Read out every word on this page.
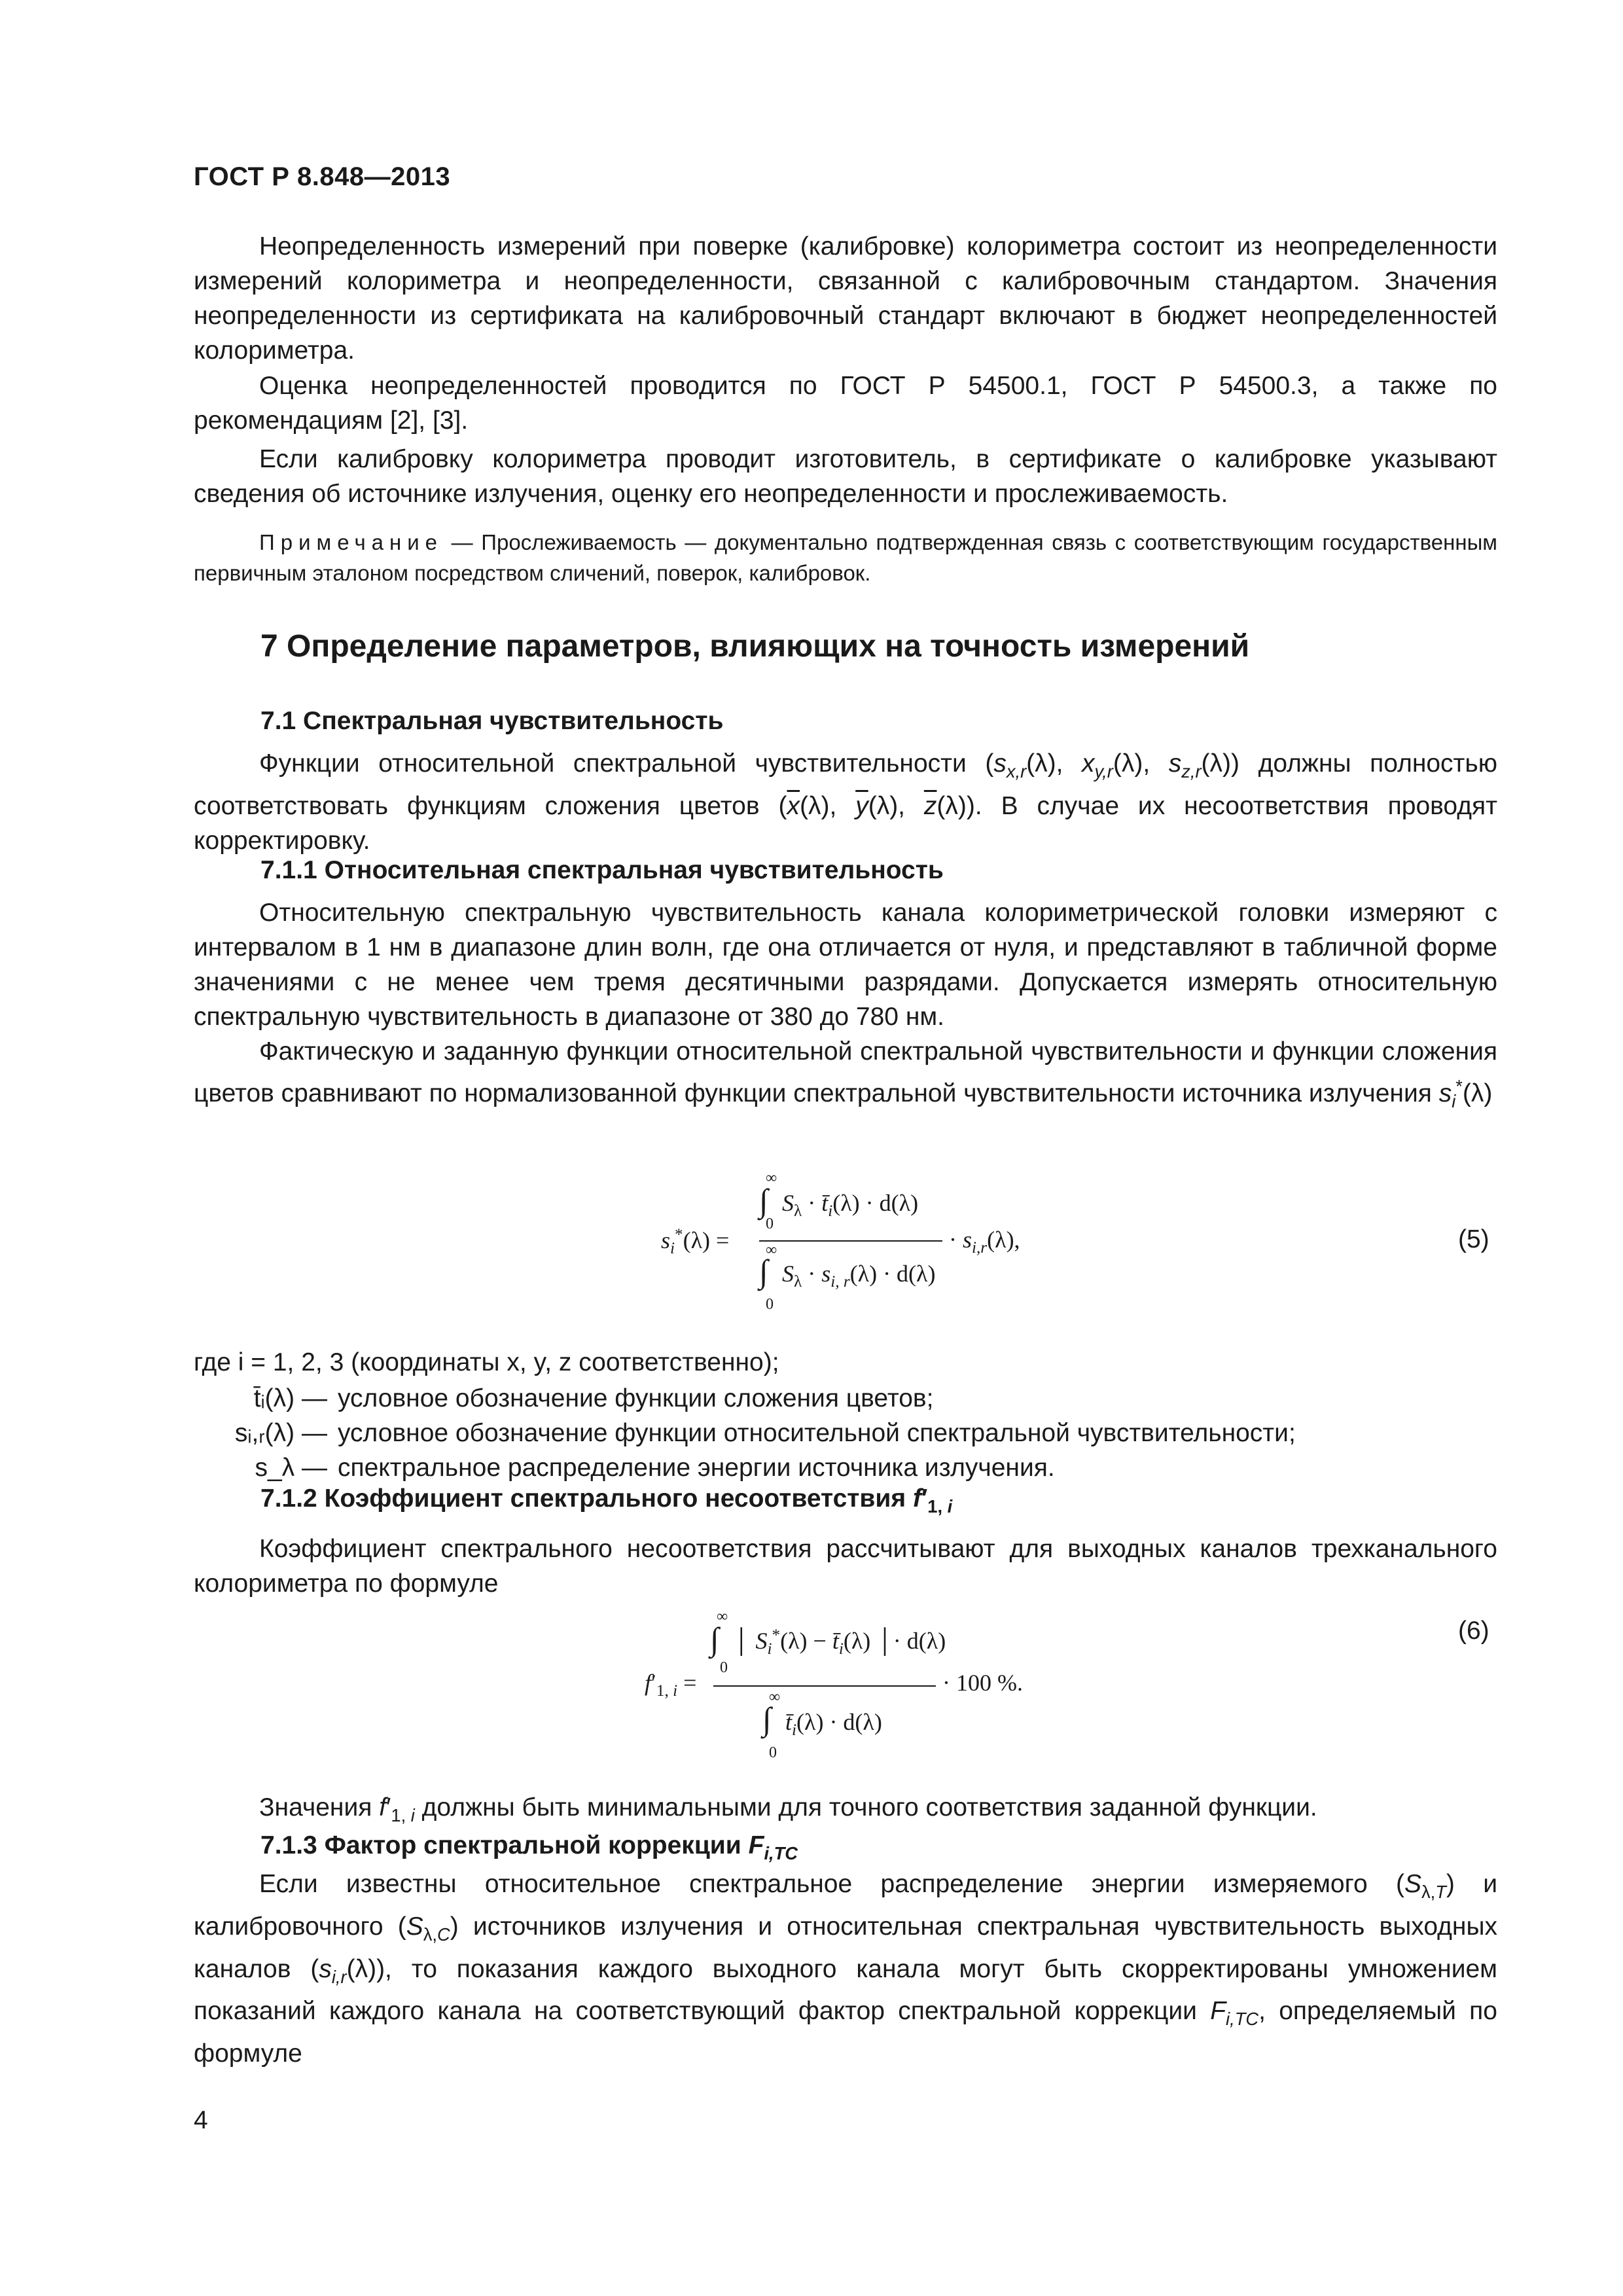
ГОСТ Р 8.848—2013
Неопределенность измерений при поверке (калибровке) колориметра состоит из неопределенности измерений колориметра и неопределенности, связанной с калибровочным стандартом. Значения неопределенности из сертификата на калибровочный стандарт включают в бюджет неопределенностей колориметра.
Оценка неопределенностей проводится по ГОСТ Р 54500.1, ГОСТ Р 54500.3, а также по рекомендациям [2], [3].
Если калибровку колориметра проводит изготовитель, в сертификате о калибровке указывают сведения об источнике излучения, оценку его неопределенности и прослеживаемость.
Примечание — Прослеживаемость — документально подтвержденная связь с соответствующим государственным первичным эталоном посредством сличений, поверок, калибровок.
7 Определение параметров, влияющих на точность измерений
7.1 Спектральная чувствительность
Функции относительной спектральной чувствительности ($s_{x,r}(\lambda)$, $x_{y,r}(\lambda)$, $s_{z,r}(\lambda)$) должны полностью соответствовать функциям сложения цветов ($\overline{x}(\lambda)$, $\overline{y}(\lambda)$, $\overline{z}(\lambda)$). В случае их несоответствия проводят корректировку.
7.1.1 Относительная спектральная чувствительность
Относительную спектральную чувствительность канала колориметрической головки измеряют с интервалом в 1 нм в диапазоне длин волн, где она отличается от нуля, и представляют в табличной форме значениями с не менее чем тремя десятичными разрядами. Допускается измерять относительную спектральную чувствительность в диапазоне от 380 до 780 нм.
Фактическую и заданную функции относительной спектральной чувствительности и функции сложения цветов сравнивают по нормализованной функции спектральной чувствительности источника излучения $s_i^*(\lambda)$
∞
∫ $S_\lambda$ · $t̄_i(\lambda) \cdot d(\lambda)$
0
$s_i^*(\lambda)$ =	· $s_{i,r}(\lambda)$,
∞
∫ $S_\lambda \cdot s_{i, r}(\lambda) \cdot d(\lambda)$
0
(5)
где i = 1, 2, 3 (координаты x, y, z соответственно);
t̄ᵢ(λ) — условное обозначение функции сложения цветов;
sᵢ,ᵣ(λ) — условное обозначение функции относительной спектральной чувствительности;
s_λ — спектральное распределение энергии источника излучения.
7.1.2 Коэффициент спектрального несоответствия $f'_{1, i}$
Коэффициент спектрального несоответствия рассчитывают для выходных каналов трехканального колориметра по формуле
∞
∫ │ $S_i^*(\lambda)$ − $t̄_i(\lambda)$ │· d(λ)
0
$f'_{1, i}$ =	· 100 %.
∞
∫ $t̄_i(\lambda) \cdot d(\lambda)$
0
(6)
Значения $f'_{1, i}$ должны быть минимальными для точного соответствия заданной функции.
7.1.3 Фактор спектральной коррекции $F_{i,TC}$
Если известны относительное спектральное распределение энергии измеряемого $(S_{\lambda,T})$ и калибровочного $(S_{\lambda,C})$ источников излучения и относительная спектральная чувствительность выходных каналов $(s_{i,r}(\lambda))$, то показания каждого выходного канала могут быть скорректированы умножением показаний каждого канала на соответствующий фактор спектральной коррекции $F_{i,TC}$, определяемый по формуле
4
